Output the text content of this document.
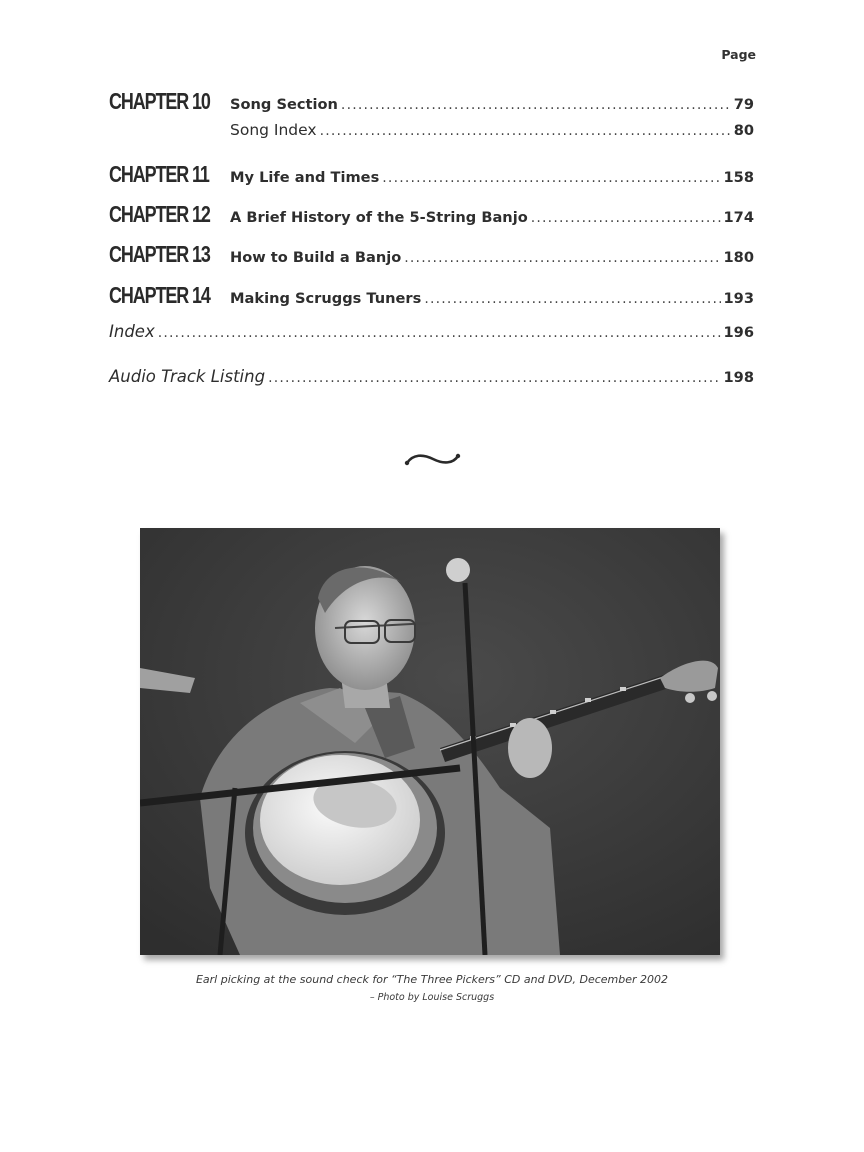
Page
CHAPTER 10 Song Section .....	79
Song Index .....	80
CHAPTER 11 My Life and Times .....	158
CHAPTER 12 A Brief History of the 5-String Banjo .....	174
CHAPTER 13 How to Build a Banjo .....	180
CHAPTER 14 Making Scruggs Tuners .....	193
Index .....	196
Audio Track Listing .....	198
Earl picking at the sound check for “The Three Pickers” CD and DVD, December 2002
– Photo by Louise Scruggs
